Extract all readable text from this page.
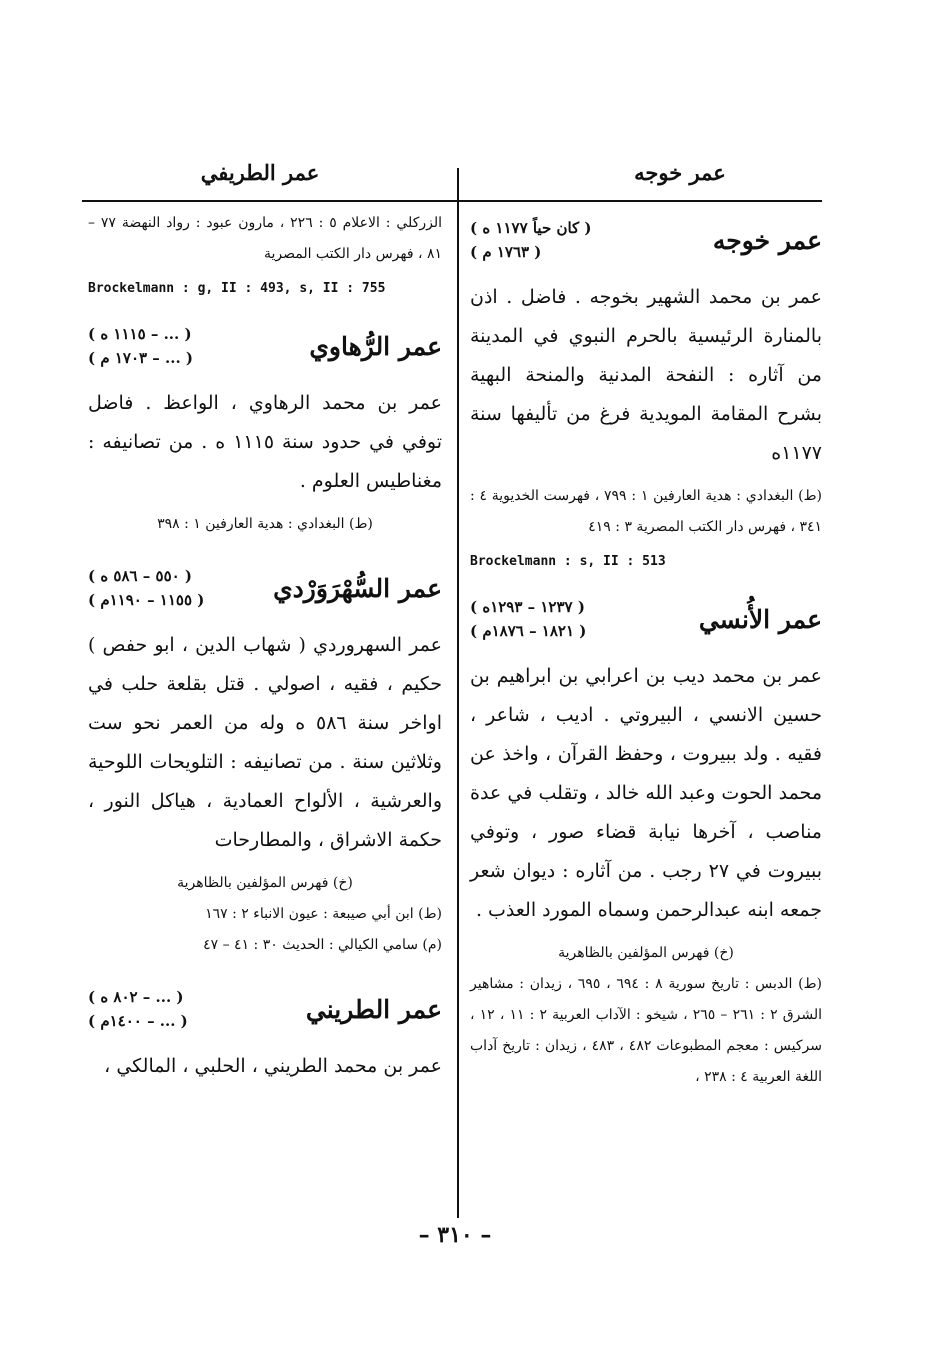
عمر خوجه
عمر الطريفي
عمر خوجه
( كان حياً ١١٧٧ ه )
( ١٧٦٣ م )

عمر بن محمد الشهير بخوجه . فاضل . اذن بالمنارة الرئيسية بالحرم النبوي في المدينة من آثاره : النفحة المدنية والمنحة البهية بشرح المقامة المويدية فرغ من تأليفها سنة ١١٧٧ه

(ط) البغدادي : هدية العارفين ١ : ٧٩٩ ، فهرست الخديوية ٤ : ٣٤١ ، فهرس دار الكتب المصرية ٣ : ٤١٩

Brockelmann : s, II : 513
عمر الأُنسي
( ١٢٣٧ – ١٢٩٣ه )
( ١٨٢١ – ١٨٧٦م )

عمر بن محمد ديب بن اعرابي بن ابراهيم بن حسين الانسي ، البيروتي . اديب ، شاعر ، فقيه . ولد ببيروت ، وحفظ القرآن ، واخذ عن محمد الحوت وعبد الله خالد ، وتقلب في عدة مناصب ، آخرها نيابة قضاء صور ، وتوفي ببيروت في ٢٧ رجب . من آثاره : ديوان شعر جمعه ابنه عبدالرحمن وسماه المورد العذب .

(خ) فهرس المؤلفين بالظاهرية

(ط) الدبس : تاريخ سورية ٨ : ٦٩٤ ، ٦٩٥ ، زيدان : مشاهير الشرق ٢ : ٢٦١ – ٢٦٥ ، شيخو : الآداب العربية ٢ : ١١ ، ١٢ ، سركيس : معجم المطبوعات ٤٨٢ ، ٤٨٣ ، زيدان : تاريخ آداب اللغة العربية ٤ : ٢٣٨ ،

الزركلي : الاعلام ٥ : ٢٢٦ ، مارون عبود : رواد النهضة ٧٧ – ٨١ ، فهرس دار الكتب المصرية

Brockelmann : g, II : 493, s, II : 755
عمر الرُّهاوي
( ... – ١١١٥ ه )
( ... – ١٧٠٣ م )

عمر بن محمد الرهاوي ، الواعظ . فاضل توفي في حدود سنة ١١١٥ ه . من تصانيفه : مغناطيس العلوم .

(ط) البغدادي : هدية العارفين ١ : ٣٩٨

عمر السُّهْرَوَرْدي
( ٥٥٠ – ٥٨٦ ه )
( ١١٥٥ – ١١٩٠م )

عمر السهروردي ( شهاب الدين ، ابو حفص ) حكيم ، فقيه ، اصولي . قتل بقلعة حلب في اواخر سنة ٥٨٦ ه وله من العمر نحو ست وثلاثين سنة . من تصانيفه : التلويحات اللوحية والعرشية ، الألواح العمادية ، هياكل النور ، حكمة الاشراق ، والمطارحات

(خ) فهرس المؤلفين بالظاهرية

(ط) ابن أبي صيبعة : عيون الانباء ٢ : ١٦٧

(م) سامي الكيالي : الحديث ٣٠ : ٤١ – ٤٧

عمر الطريني
( ... – ٨٠٢ ه )
( ... – ١٤٠٠م )

عمر بن محمد الطريني ، الحلبي ، المالكي ،

– ٣١٠ –
